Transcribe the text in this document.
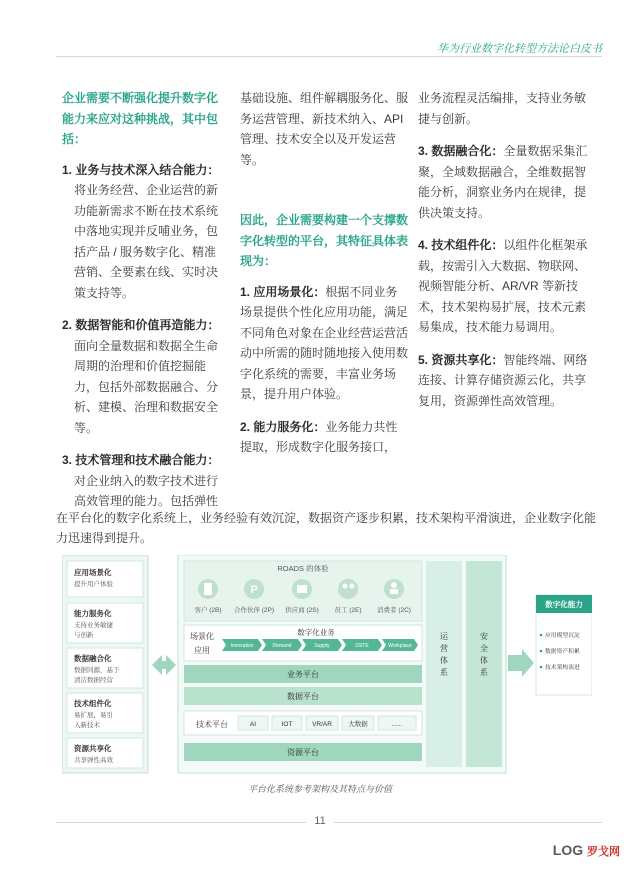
华为行业数字化转型方法论白皮书

企业需要不断强化提升数字化能力来应对这种挑战，其中包括：

1. 业务与技术深入结合能力：
将业务经营、企业运营的新功能新需求不断在技术系统中落地实现并反哺业务，包括产品 / 服务数字化、精准营销、全要素在线、实时决策支持等。
2. 数据智能和价值再造能力：
面向全量数据和数据全生命周期的治理和价值挖掘能力，包括外部数据融合、分析、建模、治理和数据安全等。
3. 技术管理和技术融合能力：
对企业纳入的数字技术进行高效管理的能力。包括弹性

基础设施、组件解耦服务化、服务运营管理、新技术纳入、API 管理、技术安全以及开发运营等。

因此，企业需要构建一个支撑数字化转型的平台，其特征具体表现为：

1. 应用场景化：根据不同业务场景提供个性化应用功能，满足不同角色对象在企业经营运营活动中所需的随时随地接入使用数字化系统的需要，丰富业务场景，提升用户体验。
2. 能力服务化：业务能力共性提取，形成数字化服务接口，

业务流程灵活编排，支持业务敏捷与创新。

3. 数据融合化：全量数据采集汇聚，全域数据融合，全维数据智能分析，洞察业务内在规律，提供决策支持。
4. 技术组件化：以组件化框架承载，按需引入大数据、物联网、视频智能分析、AR/VR 等新技术，技术架构易扩展，技术元素易集成，技术能力易调用。
5. 资源共享化：智能终端、网络连接、计算存储资源云化，共享复用，资源弹性高效管理。
在平台化的数字化系统上，业务经验有效沉淀，数据资产逐步积累，技术架构平滑演进，企业数字化能力迅速得到提升。
应用场景化
提升用户体验
能力服务化
支持业务敏捷
与创新
数据融合化
数据同源，基于
清洁数据经营
技术组件化
易扩展，易引
入新技术
资源共享化
共享弹性高效
ROADS 的体验
客户 (2B)
P
合作伙伴 (2P) 供应商 (2S) 员工 (2E) 消费者 (2C)
场景化
应用
数字化业务
Innovation	Demand	Supply	DSTE	Workplace
业务平台
数据平台
技术平台	AI	IOT	VR/AR	大数据	......
资源平台
运
营
体
系
安
全
体
系
数字化能力
应用模型沉淀
数据资产积累
技术架构演进
平台化系统参考架构及其特点与价值
11
LOG 罗戈网
